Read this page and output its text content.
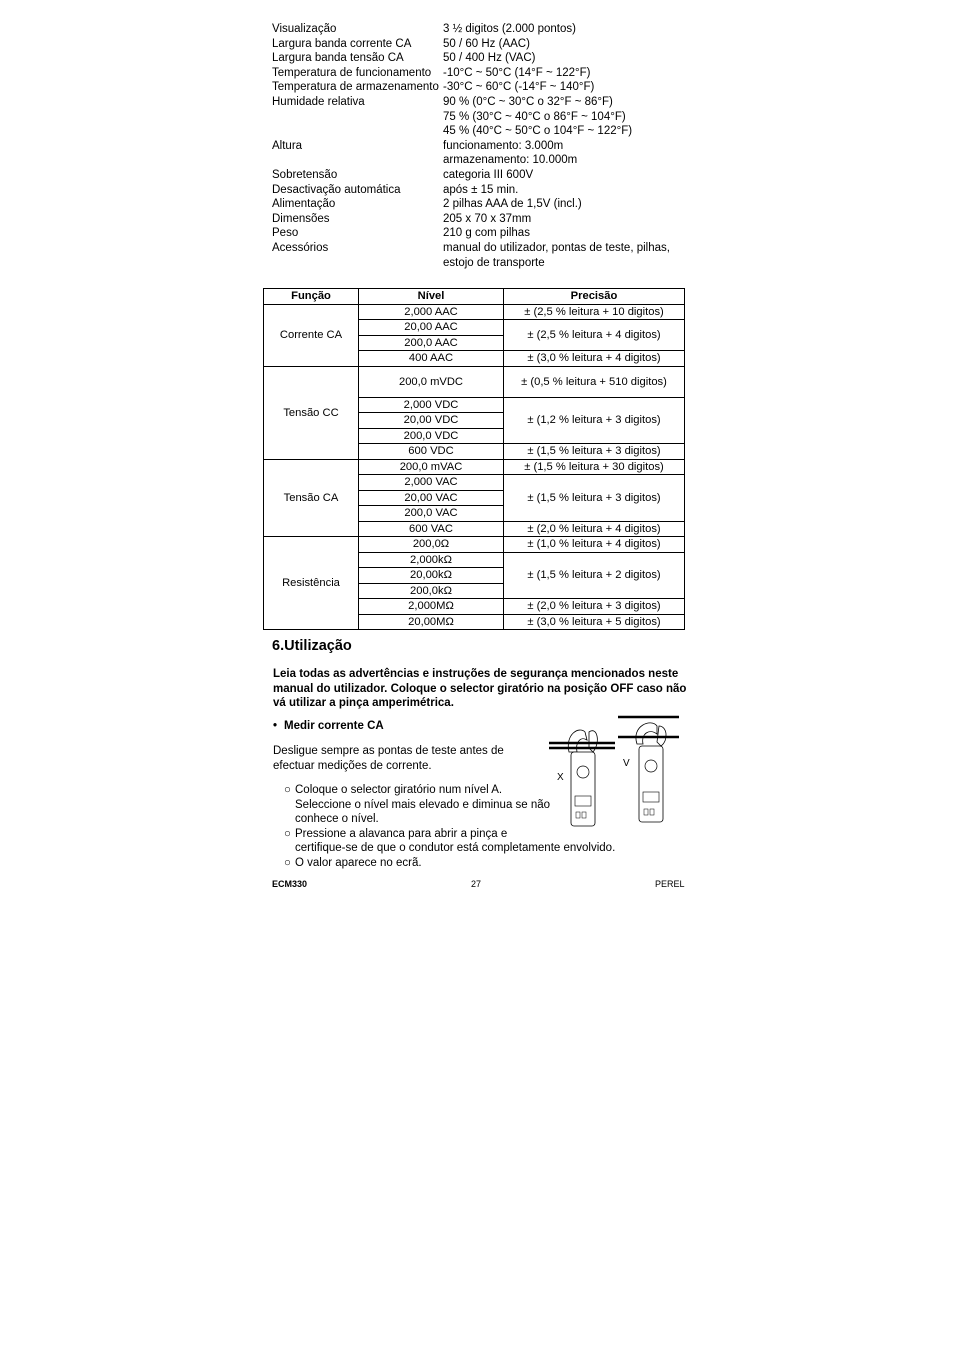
Visualização	3 ½ digitos (2.000 pontos)
Largura banda corrente CA	50 / 60 Hz (AAC)
Largura banda tensão CA	50 / 400 Hz (VAC)
Temperatura de funcionamento	-10°C ~ 50°C (14°F ~ 122°F)
Temperatura de armazenamento -30°C ~ 60°C (-14°F ~ 140°F)
Humidade relativa	90 % (0°C ~ 30°C o 32°F ~ 86°F)
75 % (30°C ~ 40°C o 86°F ~ 104°F)
45 % (40°C ~ 50°C o 104°F ~ 122°F)
Altura	funcionamento: 3.000m
armazenamento: 10.000m
Sobretensão	categoria III 600V
Desactivação automática	após ± 15 min.
Alimentação	2 pilhas AAA de 1,5V (incl.)
Dimensões	205 x 70 x 37mm
Peso	210 g com pilhas
Acessórios	manual do utilizador, pontas de teste, pilhas,
estojo de transporte
Função	Nível	Precisão
Corrente CA	2,000 AAC	± (2,5 % leitura + 10 digitos)
	20,00 AAC	± (2,5 % leitura + 4 digitos)
	200,0 AAC	
	400 AAC	± (3,0 % leitura + 4 digitos)
Tensão CC	200,0 mVDC	± (0,5 % leitura + 510 digitos)
	2,000 VDC	± (1,2 % leitura + 3 digitos)
	20,00 VDC	
	200,0 VDC	
	600 VDC	± (1,5 % leitura + 3 digitos)
Tensão CA	200,0 mVAC	± (1,5 % leitura + 30 digitos)
	2,000 VAC	± (1,5 % leitura + 3 digitos)
	20,00 VAC	
	200,0 VAC	
	600 VAC	± (2,0 % leitura + 4 digitos)
Resistência	200,0Ω	± (1,0 % leitura + 4 digitos)
	2,000kΩ	± (1,5 % leitura + 2 digitos)
	20,00kΩ	
	200,0kΩ	
	2,000MΩ	± (2,0 % leitura + 3 digitos)
	20,00MΩ	± (3,0 % leitura + 5 digitos)
6.Utilização

Leia todas as advertências e instruções de segurança mencionados neste manual do utilizador. Coloque o selector giratório na posição OFF caso não vá utilizar a pinça amperimétrica.

• Medir corrente CA

Desligue sempre as pontas de teste antes de efectuar medições de corrente.

○ Coloque o selector giratório num nível A.
Seleccione o nível mais elevado e diminua se não
conhece o nível.
○ Pressione a alavanca para abrir a pinça e
certifique-se de que o condutor está completamente envolvido.
○ O valor aparece no ecrã.
X
V
ECM330	27	PEREL
